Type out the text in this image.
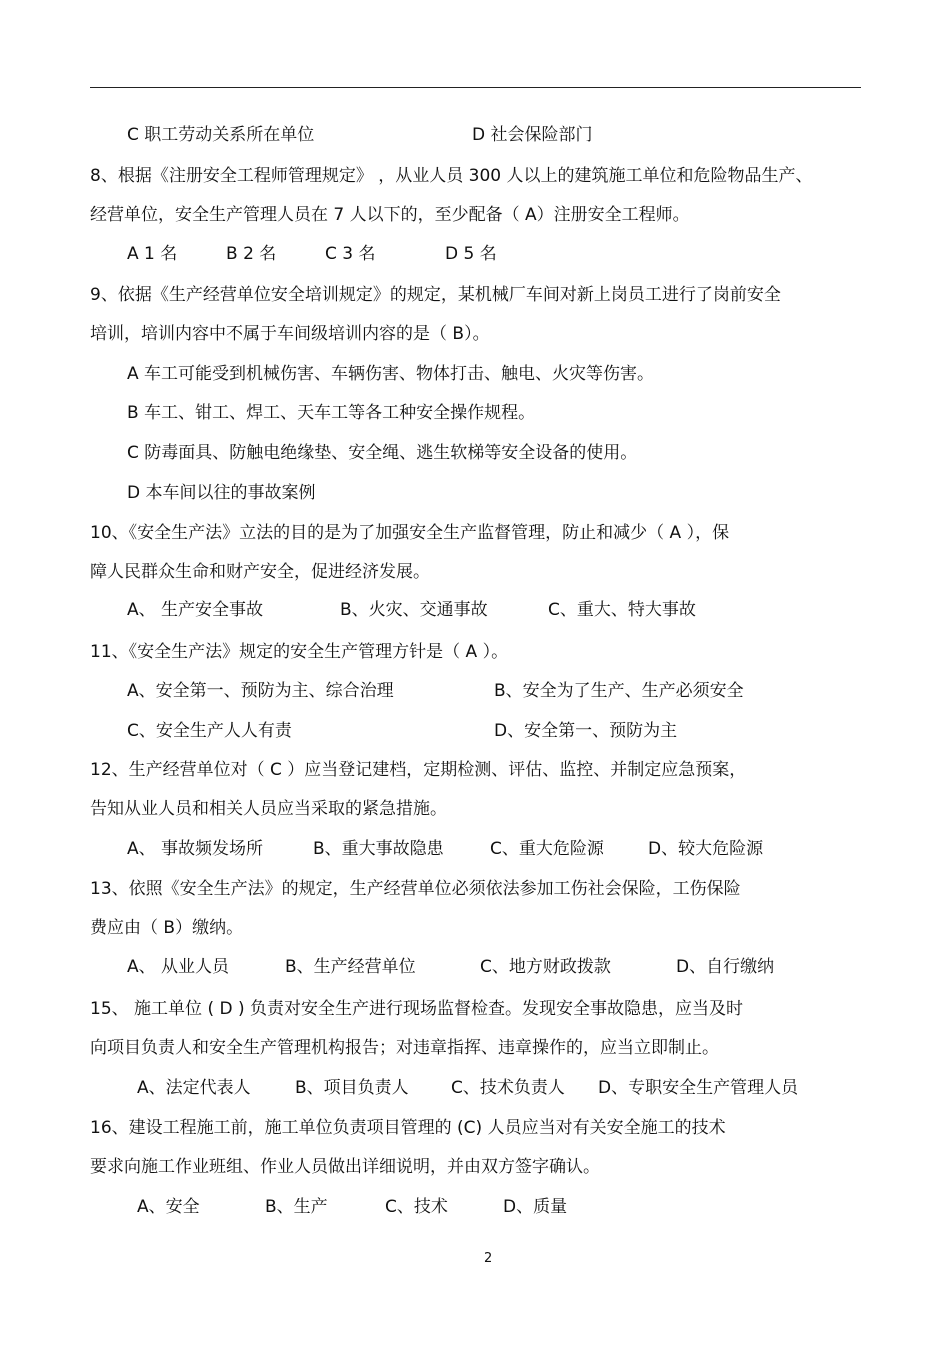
C 职工劳动关系所在单位	D 社会保险部门
8、根据《注册安全工程师管理规定》 ，从业人员 300 人以上的建筑施工单位和危险物品生产、
经营单位，安全生产管理人员在 7 人以下的，至少配备（ A）注册安全工程师。
A 1 名	B 2 名	C 3 名	D 5 名
9、依据《生产经营单位安全培训规定》的规定，某机械厂车间对新上岗员工进行了岗前安全
培训，培训内容中不属于车间级培训内容的是（ B）。
A 车工可能受到机械伤害、车辆伤害、物体打击、触电、火灾等伤害。
B 车工、钳工、焊工、天车工等各工种安全操作规程。
C 防毒面具、防触电绝缘垫、安全绳、逃生软梯等安全设备的使用。
D 本车间以往的事故案例
10、《安全生产法》立法的目的是为了加强安全生产监督管理，防止和减少（ A ），保
障人民群众生命和财产安全，促进经济发展。
A、 生产安全事故	B、火灾、交通事故	C、重大、特大事故
11、《安全生产法》规定的安全生产管理方针是（ A ）。
A、安全第一、预防为主、综合治理	B、安全为了生产、生产必须安全
C、安全生产人人有责	D、安全第一、预防为主
12、生产经营单位对（ C ）应当登记建档，定期检测、评估、监控、并制定应急预案，
告知从业人员和相关人员应当采取的紧急措施。
A、 事故频发场所	B、重大事故隐患	C、重大危险源	D、较大危险源
13、依照《安全生产法》的规定，生产经营单位必须依法参加工伤社会保险，工伤保险
费应由（ B）缴纳。
A、 从业人员	B、生产经营单位	C、地方财政拨款	D、自行缴纳
15、 施工单位 ( D ) 负责对安全生产进行现场监督检查。发现安全事故隐患，应当及时
向项目负责人和安全生产管理机构报告；对违章指挥、违章操作的，应当立即制止。
A、法定代表人	B、项目负责人 C、技术负责人 D、专职安全生产管理人员
16、建设工程施工前，施工单位负责项目管理的 (C) 人员应当对有关安全施工的技术
要求向施工作业班组、作业人员做出详细说明，并由双方签字确认。
A、安全	B、生产	C、技术	D、质量
2
